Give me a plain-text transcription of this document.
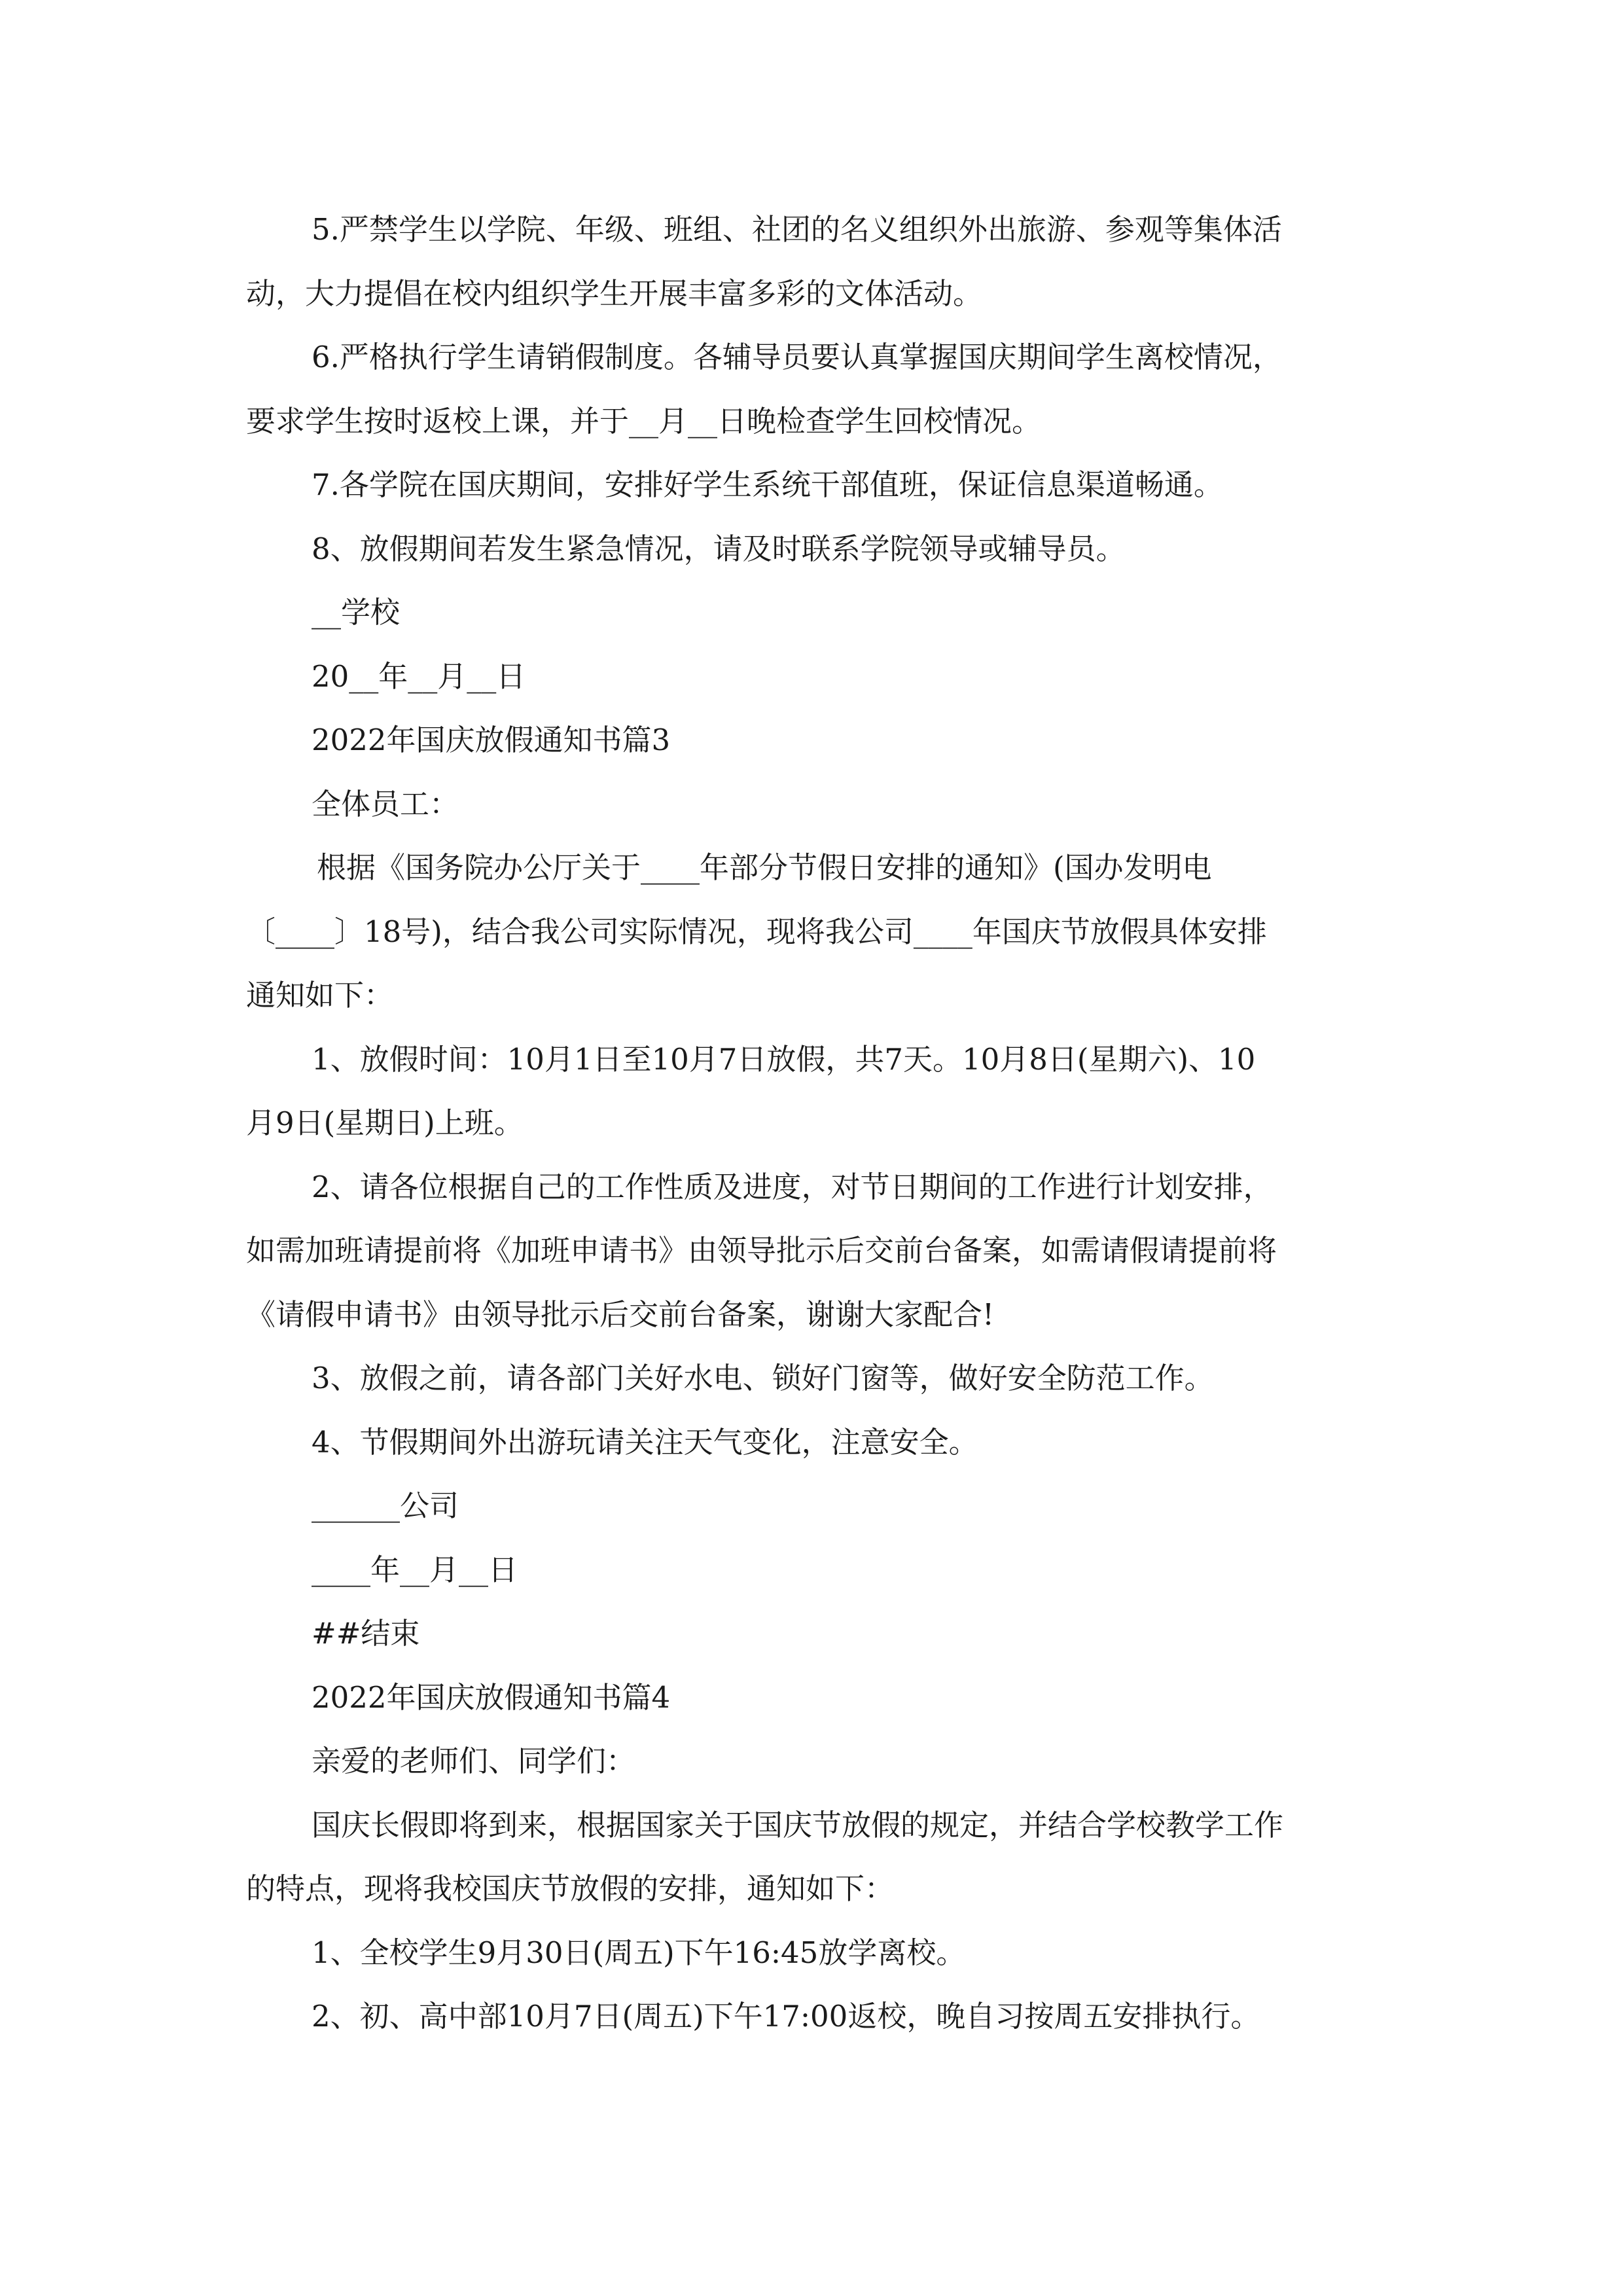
5.严禁学生以学院、年级、班组、社团的名义组织外出旅游、参观等集体活

动，大力提倡在校内组织学生开展丰富多彩的文体活动。

6.严格执行学生请销假制度。各辅导员要认真掌握国庆期间学生离校情况，

要求学生按时返校上课，并于__月__日晚检查学生回校情况。

7.各学院在国庆期间，安排好学生系统干部值班，保证信息渠道畅通。

8、放假期间若发生紧急情况，请及时联系学院领导或辅导员。

__学校

20__年__月__日

2022年国庆放假通知书篇3

全体员工：

根据《国务院办公厅关于____年部分节假日安排的通知》(国办发明电

〔____〕18号)，结合我公司实际情况，现将我公司____年国庆节放假具体安排

通知如下：

1、放假时间：10月1日至10月7日放假，共7天。10月8日(星期六)、10

月9日(星期日)上班。

2、请各位根据自己的工作性质及进度，对节日期间的工作进行计划安排，

如需加班请提前将《加班申请书》由领导批示后交前台备案，如需请假请提前将

《请假申请书》由领导批示后交前台备案，谢谢大家配合!

3、放假之前，请各部门关好水电、锁好门窗等，做好安全防范工作。

4、节假期间外出游玩请关注天气变化，注意安全。

______公司

____年__月__日

##结束

2022年国庆放假通知书篇4

亲爱的老师们、同学们：

国庆长假即将到来，根据国家关于国庆节放假的规定，并结合学校教学工作

的特点，现将我校国庆节放假的安排，通知如下：

1、全校学生9月30日(周五)下午16:45放学离校。

2、初、高中部10月7日(周五)下午17:00返校，晚自习按周五安排执行。
